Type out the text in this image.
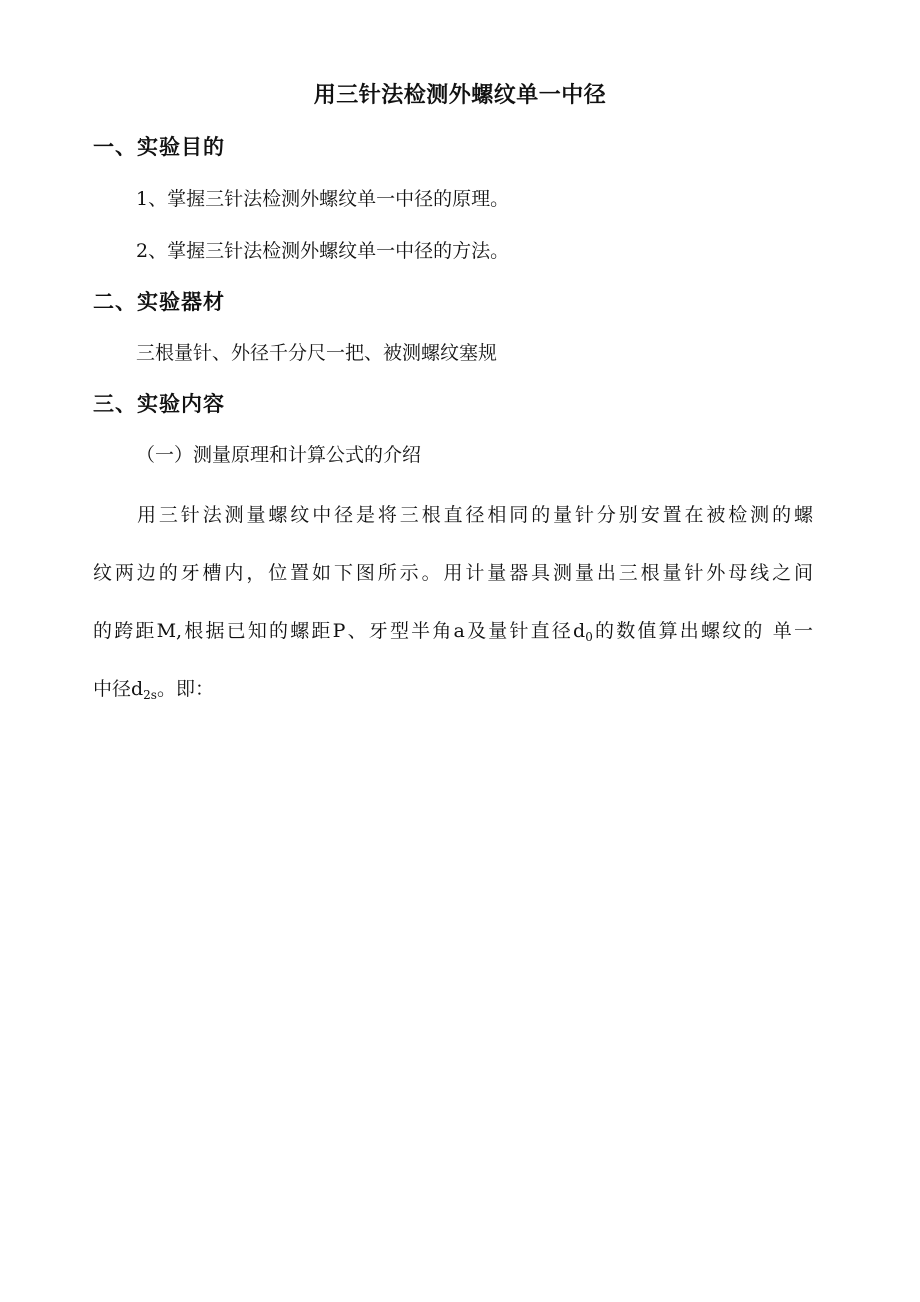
用三针法检测外螺纹单一中径
一、实验目的
1、掌握三针法检测外螺纹单一中径的原理。
2、掌握三针法检测外螺纹单一中径的方法。
二、实验器材
三根量针、外径千分尺一把、被测螺纹塞规
三、实验内容
（一）测量原理和计算公式的介绍
用三针法测量螺纹中径是将三根直径相同的量针分别安置在被检测的螺
纹两边的牙槽内，位置如下图所示。用计量器具测量出三根量针外母线之间
的跨距M,根据已知的螺距P、牙型半角a及量针直径$d_0$的数值算出螺纹的 单一
中径$d_{2s}$。即：
